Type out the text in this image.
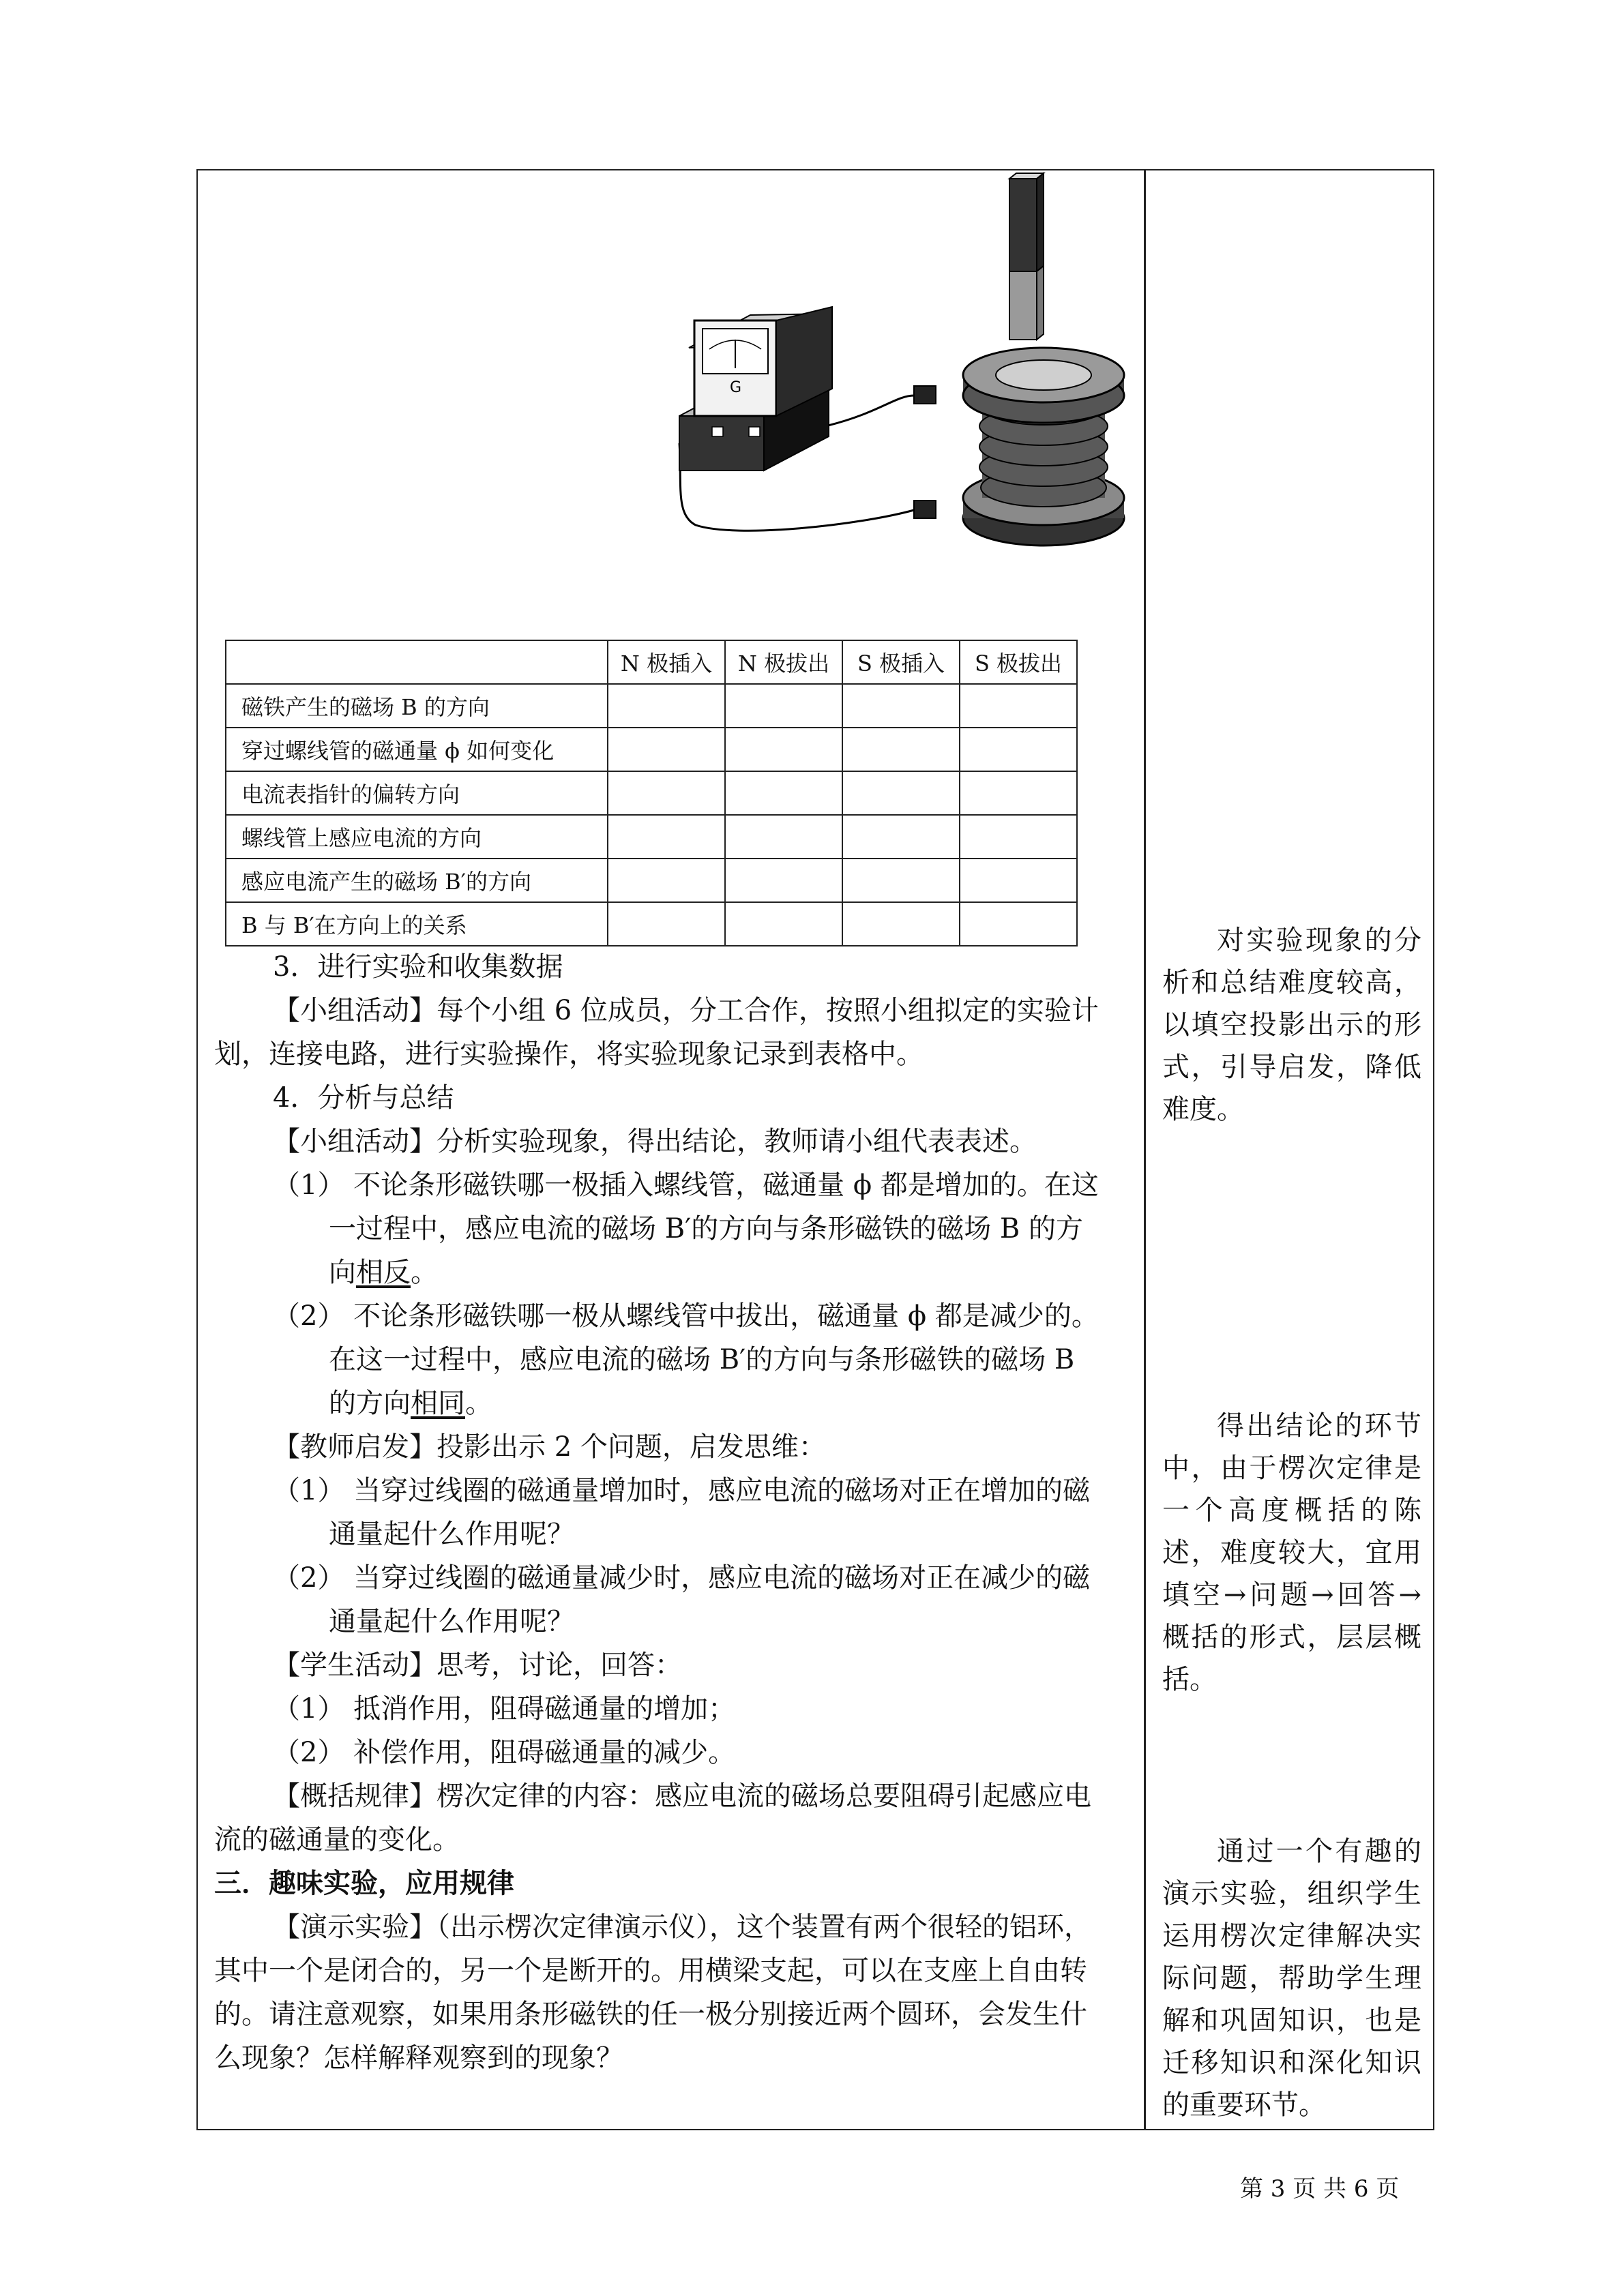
G
	N 极插入	N 极拔出	S 极插入	S 极拔出
磁铁产生的磁场 B 的方向				
穿过螺线管的磁通量 ϕ 如何变化				
电流表指针的偏转方向				
螺线管上感应电流的方向				
感应电流产生的磁场 B′的方向				
B 与 B′在方向上的关系				
3．进行实验和收集数据
【小组活动】每个小组 6 位成员，分工合作，按照小组拟定的实验计
划，连接电路，进行实验操作，将实验现象记录到表格中。
4．分析与总结
【小组活动】分析实验现象，得出结论，教师请小组代表表述。
（1） 不论条形磁铁哪一极插入螺线管，磁通量 ϕ 都是增加的。在这
一过程中，感应电流的磁场 B′的方向与条形磁铁的磁场 B 的方
向相反。
（2） 不论条形磁铁哪一极从螺线管中拔出，磁通量 ϕ 都是减少的。
在这一过程中，感应电流的磁场 B′的方向与条形磁铁的磁场 B
的方向相同。
【教师启发】投影出示 2 个问题，启发思维：
（1） 当穿过线圈的磁通量增加时，感应电流的磁场对正在增加的磁
通量起什么作用呢？
（2） 当穿过线圈的磁通量减少时，感应电流的磁场对正在减少的磁
通量起什么作用呢？
【学生活动】思考，讨论，回答：
（1） 抵消作用，阻碍磁通量的增加；
（2） 补偿作用，阻碍磁通量的减少。
【概括规律】楞次定律的内容：感应电流的磁场总要阻碍引起感应电
流的磁通量的变化。
三．趣味实验，应用规律
【演示实验】（出示楞次定律演示仪），这个装置有两个很轻的铝环，
其中一个是闭合的，另一个是断开的。用横梁支起，可以在支座上自由转
的。请注意观察，如果用条形磁铁的任一极分别接近两个圆环，会发生什
么现象？怎样解释观察到的现象？
对实验现象的分析和总结难度较高，以填空投影出示的形式，引导启发，降低难度。
得出结论的环节中，由于楞次定律是一个高度概括的陈述，难度较大，宜用填空→问题→回答→概括的形式，层层概括。
通过一个有趣的演示实验，组织学生运用楞次定律解决实际问题，帮助学生理解和巩固知识，也是迁移知识和深化知识的重要环节。
第 3 页 共 6 页
